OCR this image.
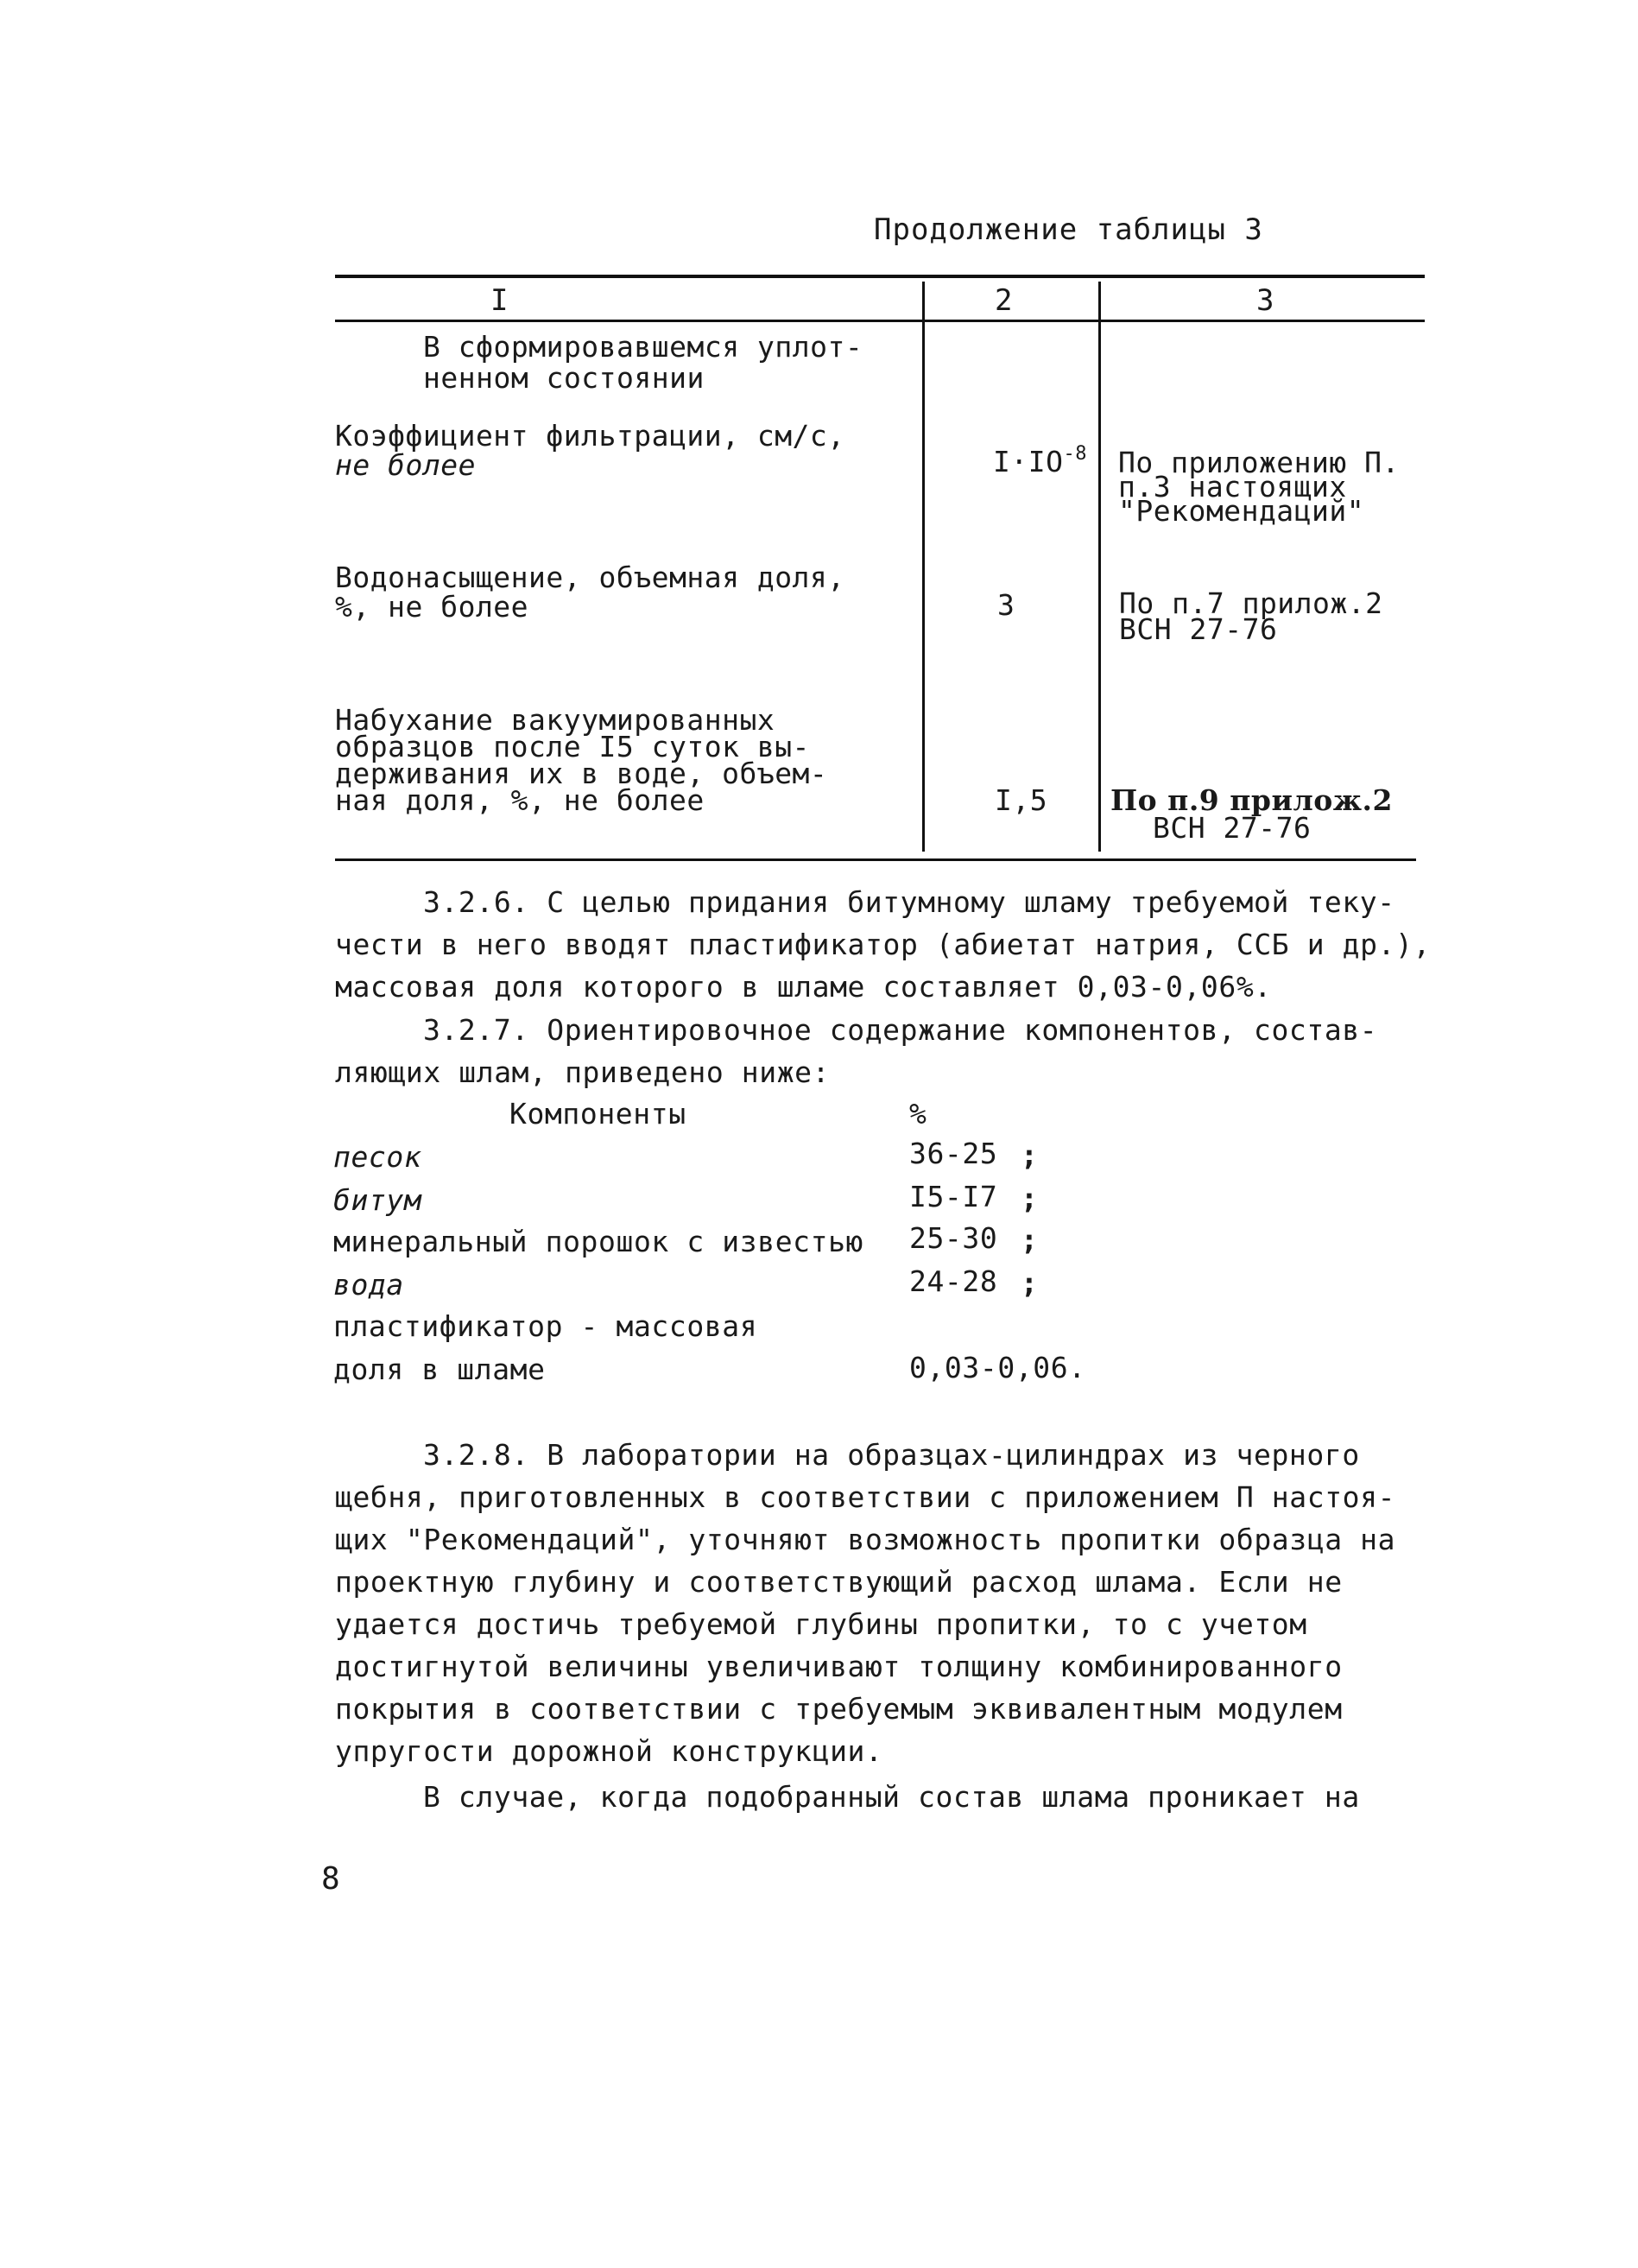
Продолжение таблицы 3
I	2	3
В сформировавшемся уплот-
ненном состоянии
Коэффициент фильтрации, см/с,
не более	$I\cdot IO^{-8}$ По приложению П.
п.3 настоящих
"Рекомендаций"
Водонасыщение, объемная доля,
%, не более	3	По п.7 прилож.2
ВСН 27-76
Набухание вакуумированных
образцов после I5 суток вы-
держивания их в воде, объем-
ная доля, %, не более	I,5 По п.9 прилож.2
ВСН 27-76
3.2.6. С целью придания битумному шламу требуемой теку-
чести в него вводят пластификатор (абиетат натрия, ССБ и др.),
массовая доля которого в шламе составляет 0,03-0,06%.
3.2.7. Ориентировочное содержание компонентов, состав-
ляющих шлам, приведено ниже:
Компоненты	%
песок	36-25 ;
битум	I5-I7 ;
минеральный порошок с известью 25-30 ;
вода	24-28 ;
пластификатор - массовая
доля в шламе	0,03-0,06.
3.2.8. В лаборатории на образцах-цилиндрах из черного
щебня, приготовленных в соответствии с приложением П настоя-
щих "Рекомендаций", уточняют возможность пропитки образца на
проектную глубину и соответствующий расход шлама. Если не
удается достичь требуемой глубины пропитки, то с учетом
достигнутой величины увеличивают толщину комбинированного
покрытия в соответствии с требуемым эквивалентным модулем
упругости дорожной конструкции.
В случае, когда подобранный состав шлама проникает на
8
